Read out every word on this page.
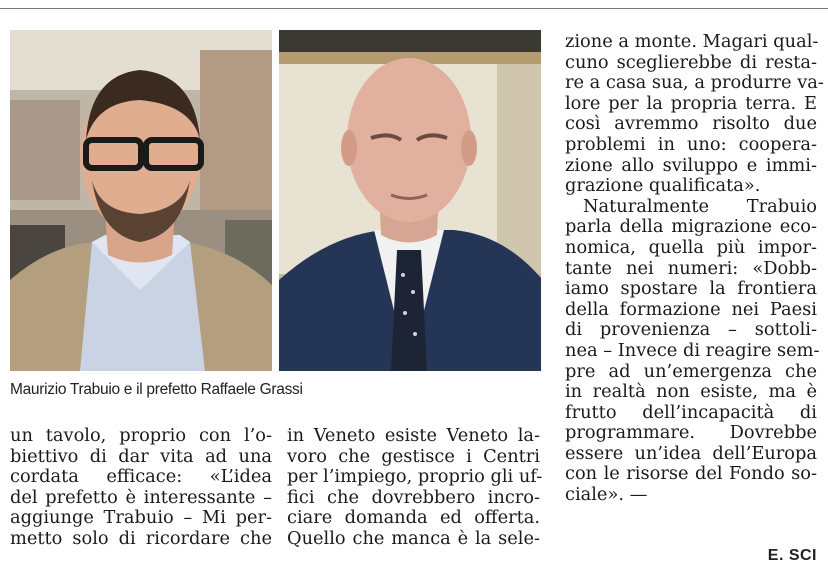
Maurizio Trabuio e il prefetto Raffaele Grassi
un tavolo, proprio con l’o-
biettivo di dar vita ad una
cordata efficace: «L’idea
del prefetto è interessante –
aggiunge Trabuio – Mi per-
metto solo di ricordare che
in Veneto esiste Veneto la-
voro che gestisce i Centri
per l’impiego, proprio gli uf-
fici che dovrebbero incro-
ciare domanda ed offerta.
Quello che manca è la sele-
zione a monte. Magari qual-
cuno sceglierebbe di resta-
re a casa sua, a produrre va-
lore per la propria terra. E
così avremmo risolto due
problemi in uno: coopera-
zione allo sviluppo e immi-
grazione qualificata».
Naturalmente Trabuio
parla della migrazione eco-
nomica, quella più impor-
tante nei numeri: «Dobb-
iamo spostare la frontiera
della formazione nei Paesi
di provenienza – sottoli-
nea – Invece di reagire sem-
pre ad un’emergenza che
in realtà non esiste, ma è
frutto dell’incapacità di
programmare. Dovrebbe
essere un’idea dell’Europa
con le risorse del Fondo so-
ciale». —
E. SCI
